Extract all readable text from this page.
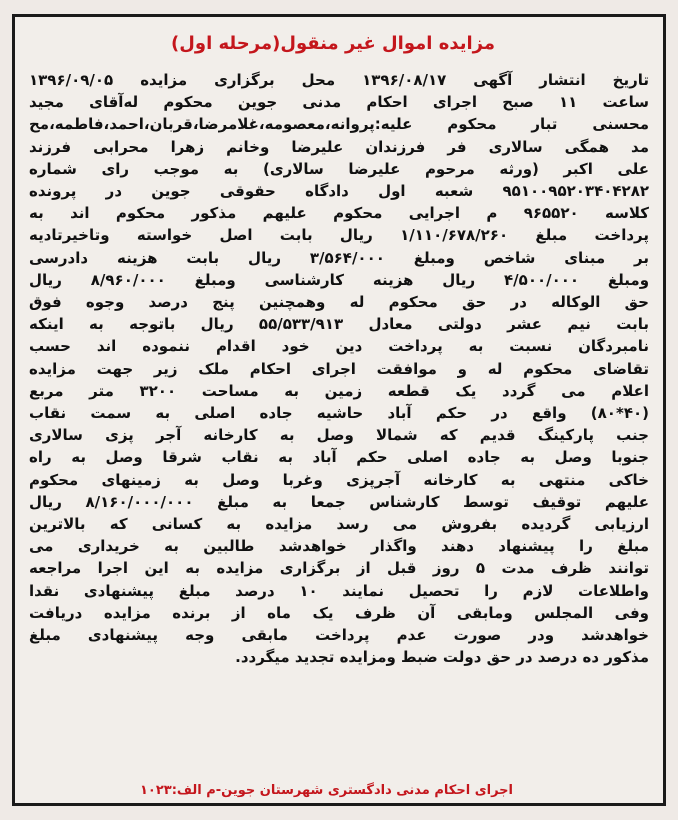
مزایده اموال غیر منقول(مرحله اول)
تاریخ انتشار آگهی ۱۳۹۶/۰۸/۱۷ محل برگزاری مزایده ۱۳۹۶/۰۹/۰۵
ساعت ۱۱ صبح اجرای احکام مدنی جوین محکوم له‌آقای مجید
محسنی تبار محکوم علیه:پروانه،معصومه،غلامرضا،قربان،احمد،فاطمه،مح
مد همگی سالاری فر فرزندان علیرضا وخانم زهرا محرابی فرزند
علی اکبر (ورثه مرحوم علیرضا سالاری) به موجب رای شماره
۹۵۱۰۰۹۵۲۰۳۴۰۴۲۸۲ شعبه اول دادگاه حقوقی جوین در پرونده
کلاسه ۹۶۵۵۲۰ م اجرایی محکوم علیهم مذکور محکوم اند به
پرداخت مبلغ ۱/۱۱۰/۶۷۸/۲۶۰ ریال بابت اصل خواسته وتاخیرتادیه
بر مبنای شاخص ومبلغ ۳/۵۶۴/۰۰۰ ریال بابت هزینه دادرسی
ومبلغ ۴/۵۰۰/۰۰۰ ریال هزینه کارشناسی ومبلغ ۸/۹۶۰/۰۰۰ ریال
حق الوکاله در حق محکوم له وهمچنین پنج درصد وجوه فوق
بابت نیم عشر دولتی معادل ۵۵/۵۳۳/۹۱۳ ریال باتوجه به اینکه
نامبردگان نسبت به پرداخت دین خود اقدام ننموده اند حسب
تقاضای محکوم له و موافقت اجرای احکام ملک زیر جهت مزایده
اعلام می گردد یک قطعه زمین به مساحت ۳۲۰۰ متر مربع
(۴۰*۸۰) واقع در حکم آباد حاشیه جاده اصلی به سمت نقاب
جنب پارکینگ قدیم که شمالا وصل به کارخانه آجر پزی سالاری
جنوبا وصل به جاده اصلی حکم آباد به نقاب شرقا وصل به راه
خاکی منتهی به کارخانه آجرپزی وغربا وصل به زمینهای محکوم
علیهم توقیف توسط کارشناس جمعا به مبلغ ۸/۱۶۰/۰۰۰/۰۰۰ ریال
ارزیابی گردیده بفروش می رسد مزایده به کسانی که بالاترین
مبلغ را پیشنهاد دهند واگذار خواهدشد طالبین به خریداری می
توانند ظرف مدت ۵ روز قبل از برگزاری مزایده به این اجرا مراجعه
واطلاعات لازم را تحصیل نمایند ۱۰ درصد مبلغ پیشنهادی نقدا
وفی المجلس ومابقی آن ظرف یک ماه از برنده مزایده دریافت
خواهدشد ودر صورت عدم پرداخت مابقی وجه پیشنهادی مبلغ
مذکور ده درصد در حق دولت ضبط ومزایده تجدید میگردد.
اجرای احکام مدنی دادگستری شهرستان جوین-م الف:۱۰۲۳
